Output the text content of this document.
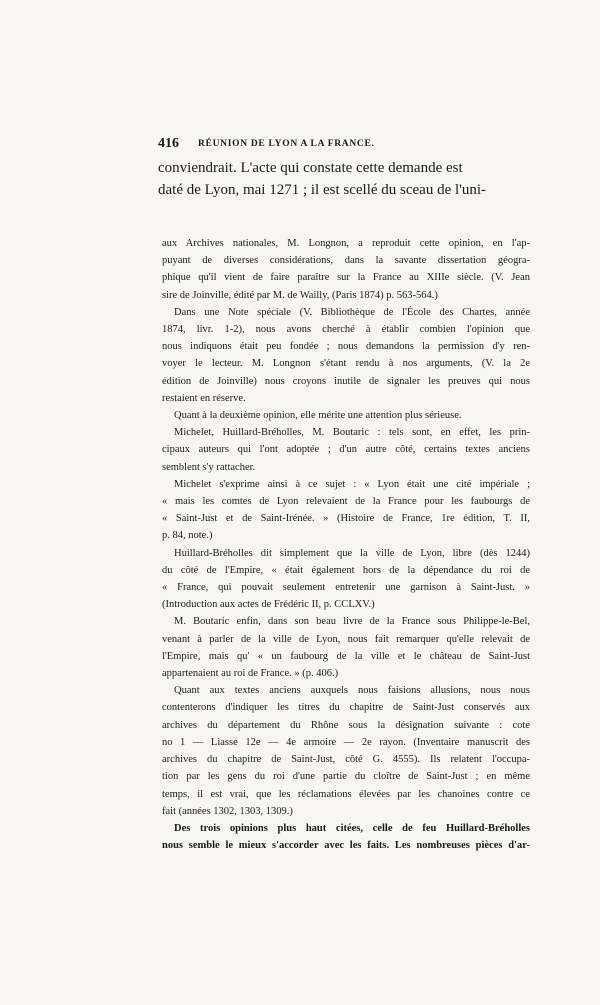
416 RÉUNION DE LYON A LA FRANCE.

conviendrait. L'acte qui constate cette demande est

daté de Lyon, mai 1271 ; il est scellé du sceau de l'uni-

aux Archives nationales, M. Longnon, a reproduit cette opinion, en l'ap-
puyant de diverses considérations, dans la savante dissertation géogra-
phique qu'il vient de faire paraître sur la France au XIIIe siècle. (V. Jean
sire de Joinville, édité par M. de Wailly, (Paris 1874) p. 563-564.)

Dans une Note spéciale (V. Bibliothèque de l'École des Chartes, année
1874, livr. 1-2), nous avons cherché à établir combien l'opinion que
nous indiquons était peu fondée ; nous demandons la permission d'y ren-
voyer le lecteur. M. Longnon s'étant rendu à nos arguments, (V. la 2e
édition de Joinville) nous croyons inutile de signaler les preuves qui nous
restaient en réserve.

Quant à la deuxième opinion, elle mérite une attention plus sérieuse.

Michelet, Huillard-Bréholles, M. Boutaric : tels sont, en effet, les prin-
cipaux auteurs qui l'ont adoptée ; d'un autre côté, certains textes anciens
semblent s'y rattacher.

Michelet s'exprime ainsi à ce sujet : « Lyon était une cité impériale ;
« mais les comtes de Lyon relevaient de la France pour les faubourgs de
« Saint-Just et de Saint-Irénée. » (Histoire de France, 1re édition, T. II,
p. 84, note.)

Huillard-Bréholles dit simplement que la ville de Lyon, libre (dès 1244)
du côté de l'Empire, « était également hors de la dépendance du roi de
« France, qui pouvait seulement entretenir une garnison à Saint-Just. »
(Introduction aux actes de Frédéric II, p. CCLXV.)

M. Boutaric enfin, dans son beau livre de la France sous Philippe-le-Bel,
venant à parler de la ville de Lyon, nous fait remarquer qu'elle relevait de
l'Empire, mais qu' « un faubourg de la ville et le château de Saint-Just
appartenaient au roi de France. » (p. 406.)

Quant aux textes anciens auxquels nous faisions allusions, nous nous
contenterons d'indiquer les titres du chapitre de Saint-Just conservés aux
archives du département du Rhône sous la désignation suivante : cote
no 1 — Liasse 12e — 4e armoire — 2e rayon. (Inventaire manuscrit des
archives du chapitre de Saint-Just, côté G. 4555). Ils relatent l'occupa-
tion par les gens du roi d'une partie du cloître de Saint-Just ; en même
temps, il est vrai, que les réclamations élevées par les chanoines contre ce
fait (années 1302, 1303, 1309.)

Des trois opinions plus haut citées, celle de feu Huillard-Bréholles
nous semble le mieux s'accorder avec les faits. Les nombreuses pièces d'ar-
